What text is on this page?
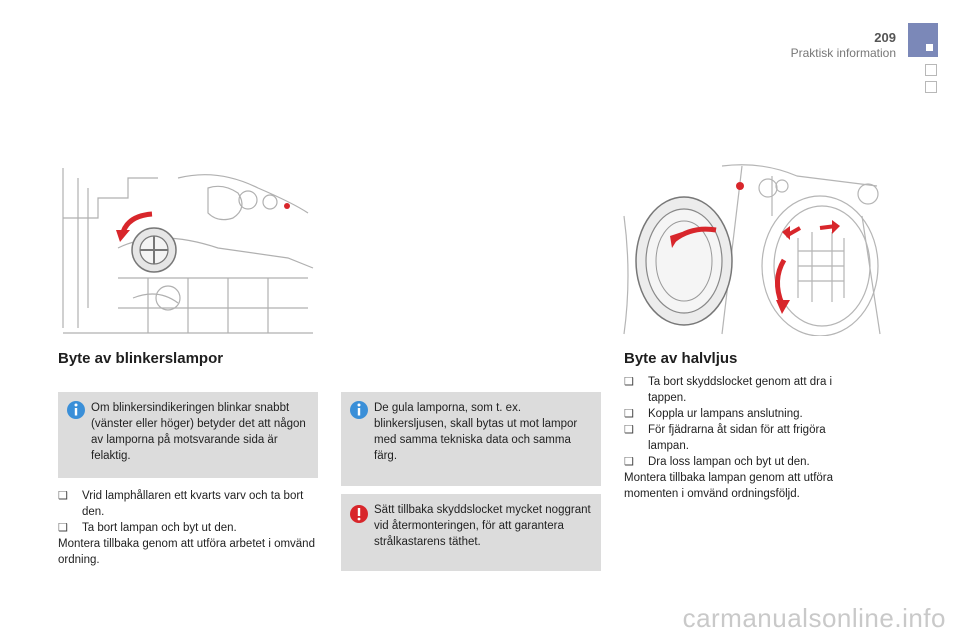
209
Praktisk information
Byte av blinkerslampor
Om blinkersindikeringen blinkar snabbt (vänster eller höger) betyder det att någon av lamporna på motsvarande sida är felaktig.
❑ Vrid lamphållaren ett kvarts varv och ta bort den.
❑ Ta bort lampan och byt ut den.

Montera tillbaka genom att utföra arbetet i omvänd ordning.

De gula lamporna, som t. ex. blinkersljusen, skall bytas ut mot lampor med samma tekniska data och samma färg.
Sätt tillbaka skyddslocket mycket noggrant vid återmonteringen, för att garantera strålkastarens täthet.
Byte av halvljus
❑ Ta bort skyddslocket genom att dra i tappen.
❑ Koppla ur lampans anslutning.
❑ För fjädrarna åt sidan för att frigöra lampan.
❑ Dra loss lampan och byt ut den.

Montera tillbaka lampan genom att utföra momenten i omvänd ordningsföljd.

carmanualsonline.info
